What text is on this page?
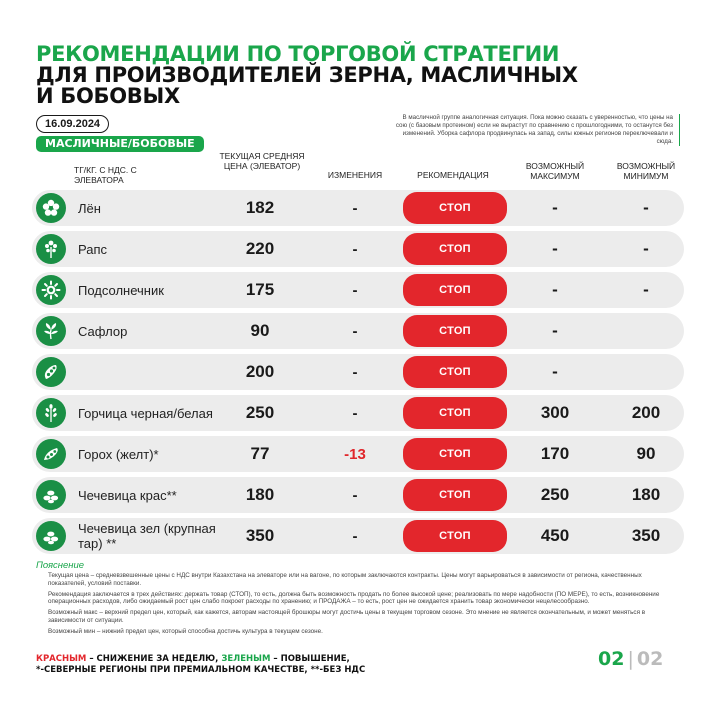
РЕКОМЕНДАЦИИ ПО ТОРГОВОЙ СТРАТЕГИИ
ДЛЯ ПРОИЗВОДИТЕЛЕЙ ЗЕРНА, МАСЛИЧНЫХ
И БОБОВЫХ
16.09.2024
МАСЛИЧНЫЕ/БОБОВЫЕ
В масличной группе аналогичная ситуация. Пока можно сказать с уверенностью, что цены на сою (с базовым протеином) если не вырастут по сравнению с прошлогодними, то останутся без изменений. Уборка сафлора продвинулась на запад, силы южных регионов переключевали и сюда.
ТГ/КГ. С НДС. С ЭЛЕВАТОРА
ТЕКУЩАЯ СРЕДНЯЯ ЦЕНА (ЭЛЕВАТОР)
ИЗМЕНЕНИЯ	РЕКОМЕНДАЦИЯ
ВОЗМОЖНЫЙ МАКСИМУМ
ВОЗМОЖНЫЙ МИНИМУМ
Лён	182	-	СТОП	-	-
Рапс	220	-	СТОП	-	-
Подсолнечник	175	-	СТОП	-	-
Сафлор	90	-	СТОП	-
200	-	СТОП	-
Горчица черная/белая	250	-	СТОП	300	200
Горох (желт)*	77	-13	СТОП	170	90
Чечевица крас**	180	-	СТОП	250	180
Чечевица зел (крупная тар) **	350	-	СТОП	450	350
Пояснение

Текущая цена – средневзвешенные цены с НДС внутри Казахстана на элеваторе или на вагоне, по которым заключаются контракты. Цены могут варьироваться в зависимости от региона, качественных показателей, условий поставки.

Рекомендация заключается в трех действиях: держать товар (СТОП), то есть, должна быть возможность продать по более высокой цене; реализовать по мере надобности (ПО МЕРЕ), то есть, возникновение операционных расходов, либо ожидаемый рост цен слабо покроет расходы по хранению; и ПРОДАЖА – то есть, рост цен не ожидается хранить товар экономически нецелесообразно.

Возможный макс – верхний предел цен, который, как кажется, авторам настоящей брошюры могут достичь цены в текущем торговом сезоне. Это мнение не является окончательным, и может меняться в зависимости от ситуации.

Возможный мин – нижний предел цен, который способна достичь культура в текущем сезоне.

КРАСНЫМ – СНИЖЕНИЕ ЗА НЕДЕЛЮ, ЗЕЛЕНЫМ – ПОВЫШЕНИЕ,
*-СЕВЕРНЫЕ РЕГИОНЫ ПРИ ПРЕМИАЛЬНОМ КАЧЕСТВЕ, **-БЕЗ НДС	02 | 02
